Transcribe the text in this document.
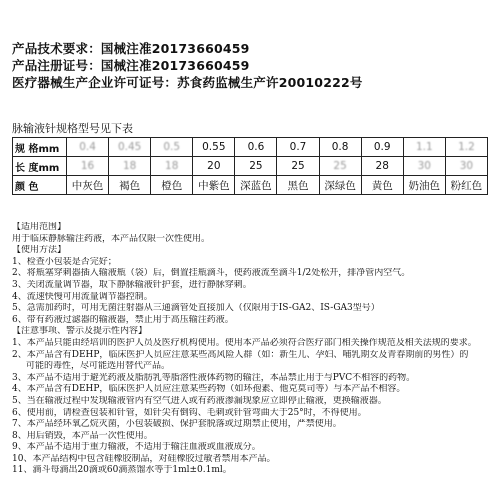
产品技术要求：国械注准20173660459
产品注册证号：国械注准20173660459
医疗器械生产企业许可证号：苏食药监械生产许20010222号
脉输液针规格型号见下表
规 格mm	0.4	0.45	0.5	0.55	0.6	0.7	0.8	0.9	1.1	1.2
长 度mm	16	18	18	20	25	25	25	28	30	30
颜 色	中灰色	褐色	橙色	中紫色	深蓝色	黑色	深绿色	黄色	奶油色	粉红色
【适用范围】
用于临床静脉输注药液，本产品仅限一次性使用。
【使用方法】
1、检查小包装是否完好；
2、将瓶塞穿刺器插入输液瓶（袋）后，倒置挂瓶滴斗，使药液流至滴斗1/2处松开，排净管内空气。
3、关闭流量调节器，取下静脉输液针护套，进行静脉穿刺。
4、流速快慢可用流量调节器控制。
5、急需加药时，可用无菌注射器从三通滴管处直接加入（仅限用于IS-GA2、IS-GA3型号）
6、带有药液过滤器的输液器，禁止用于高压输注药液。
【注意事项、警示及提示性内容】
1、本产品只能由经培训的医护人员及医疗机构使用。使用本产品必须符合医疗部门相关操作规范及相关法规的要求。
2、本产品含有DEHP，临床医护人员应注意某些高风险人群（如：新生儿、孕妇、哺乳期女及青春期前的男性）的
可能的毒性，尽可能选用替代产品。
3、本产品不适用于避光药液及脂肪乳等脂溶性液体药物的输注，本品禁止用于与PVC不相容的药物。
4、本产品含有DEHP，临床医护人员应注意某些药物（如环孢素、他克莫司等）与本产品不相容。
5、当在输液过程中发现输液管内有空气进入或有药液渗漏现象应立即停止输液，更换输液器。
6、使用前，请检查包装和针管，如针尖有倒钩、毛刺或针管弯曲大于25°时，不得使用。
7、本产品经环氧乙烷灭菌，小包装破损、保护套脱落或过期禁止使用，严禁使用。
8、用后销毁，本产品一次性使用。
9、本产品不适用于重力输液，不适用于输注血液或血液成分。
10、本产品结构中包含硅橡胶制品，对硅橡胶过敏者禁用本产品。
11、滴斗每滴出20滴或60滴蒸馏水等于1ml±0.1ml。
